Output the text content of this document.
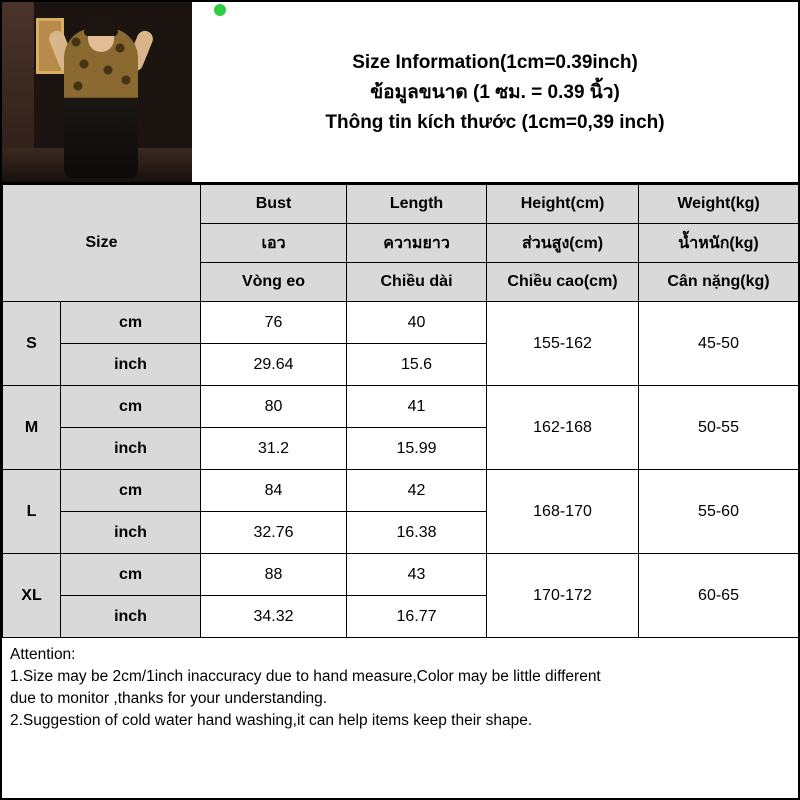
Size Information(1cm=0.39inch)
ข้อมูลขนาด (1 ซม. = 0.39 นิ้ว)
Thông tin kích thước (1cm=0,39 inch)
Size		Bust	Length	Height(cm)	Weight(kg)
		เอว	ความยาว	ส่วนสูง(cm)	น้ำหนัก(kg)
		Vòng eo	Chiều dài	Chiều cao(cm)	Cân nặng(kg)
S	cm	76	40	155-162	45-50
	inch	29.64	15.6		
M	cm	80	41	162-168	50-55
	inch	31.2	15.99		
L	cm	84	42	168-170	55-60
	inch	32.76	16.38		
XL	cm	88	43	170-172	60-65
	inch	34.32	16.77		

Attention:

1.Size may be 2cm/1inch inaccuracy due to hand measure,Color may be little different

due to monitor ,thanks for your understanding.

2.Suggestion of cold water hand washing,it can help items keep their shape.
